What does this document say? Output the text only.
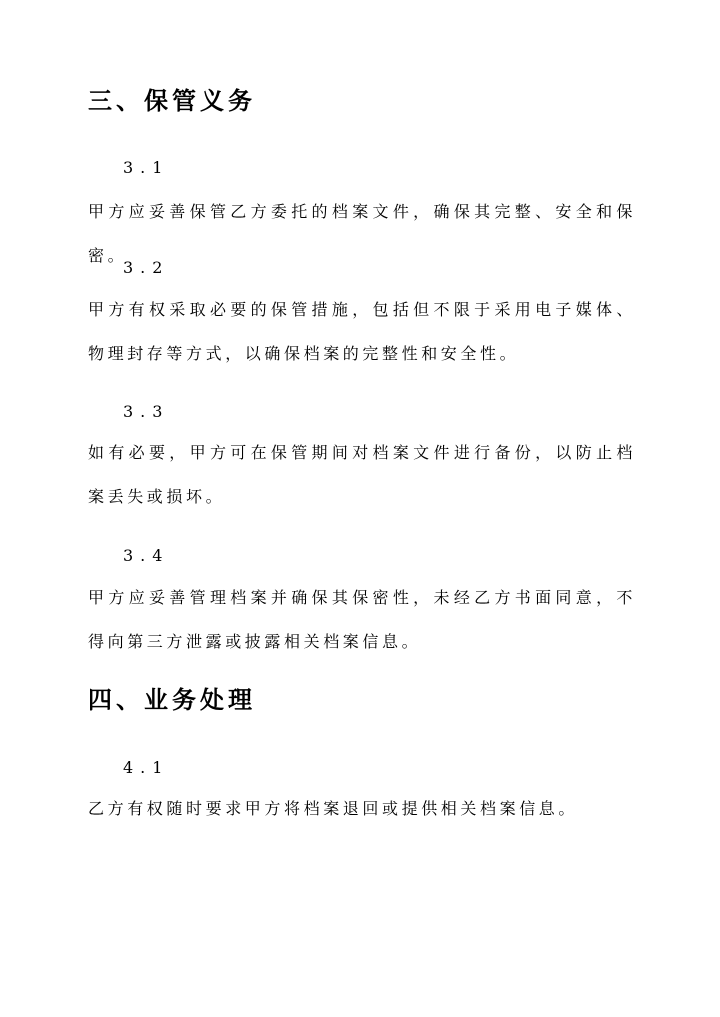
三、保管义务
3.1
甲方应妥善保管乙方委托的档案文件，确保其完整、安全和保密。
3.2
甲方有权采取必要的保管措施，包括但不限于采用电子媒体、物理封存等方式，以确保档案的完整性和安全性。
3.3
如有必要，甲方可在保管期间对档案文件进行备份，以防止档案丢失或损坏。
3.4
甲方应妥善管理档案并确保其保密性，未经乙方书面同意，不得向第三方泄露或披露相关档案信息。
四、业务处理
4.1
乙方有权随时要求甲方将档案退回或提供相关档案信息。
